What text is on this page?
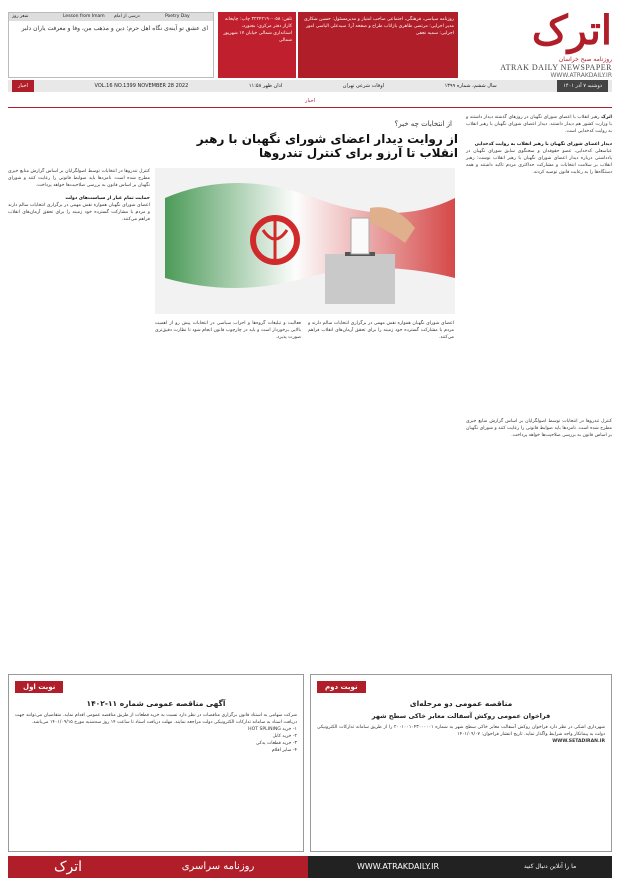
اترک
روزنامه صبح خراسان
ATRAK DAILY NEWSPAPER
WWW.ATRAKDAILY.IR
روزنامه سیاسی، فرهنگی، اجتماعی صاحب امتیاز و مدیرمسئول: حسین شکاری مدیر اجرایی: مرتضی طاهری بازاتاب طراح و صفحه آرا: سیدعلی الیاسی امور اجرایی: سمیه نجفی
تلفن: ۰۵۸-۳۲۲۴۲۱۹۰ چاپ: چاپخانه کاراز دفتر مرکزی: بجنورد، استانداری شمالی خیابان ۱۷ شهریور شمالی
شعر روز	Lesson from Imam	درسی از امام	Poetry Day
ای عشق تو آینه‌ی نگاه اهل حرم؛ دین و مذهب من، وفا و معرفت یاران دلبر
دوشنبه ۷ آذر ۱۴۰۱
سال ششم، شماره ۱۳۹۹
اوقات شرعی تهران
اذان ظهر ۱۱:۵۸
VOL.16 NO.1399 NOVEMBER 28 2022
اخبار
اخبار
از انتخابات چه خبر؟
از روایت دیدار اعضای شورای نگهبان با رهبر انقلاب تا آرزو برای کنترل تندروها
اترک رهبر انقلاب با اعضای شورای نگهبان در روزهای گذشته دیدار داشتند و با وزارت کشور هم دیدار داشتند. دیدار اعضای شورای نگهبان با رهبر انقلاب به روایت کدخدایی است.
دیدار اعضای شورای نگهبان با رهبر انقلاب به روایت کدخدایی
عباسعلی کدخدایی، عضو حقوقدان و سخنگوی سابق شورای نگهبان در یادداشتی درباره دیدار اعضای شورای نگهبان با رهبر انقلاب نوشت: رهبر انقلاب بر سلامت انتخابات و مشارکت حداکثری مردم تاکید داشتند و همه دستگاه‌ها را به رعایت قانون توصیه کردند.
کنترل تندروها در انتخابات توسط اصولگرایان بر اساس گزارش منابع خبری مطرح شده است. نامزدها باید ضوابط قانونی را رعایت کنند و شورای نگهبان بر اساس قانون به بررسی صلاحیت‌ها خواهد پرداخت.
حمایت تمام عیار از سیاست‌های دولت
اعضای شورای نگهبان همواره نقش مهمی در برگزاری انتخابات سالم دارند و مردم با مشارکت گسترده خود زمینه را برای تحقق آرمان‌های انقلاب فراهم می‌کنند.
فعالیت و تبلیغات گروه‌ها و احزاب سیاسی در انتخابات پیش رو از اهمیت بالایی برخوردار است و باید در چارچوب قانون انجام شود تا نظارت دقیق‌تری صورت پذیرد.
اعضای شورای نگهبان همواره نقش مهمی در برگزاری انتخابات سالم دارند و مردم با مشارکت گسترده خود زمینه را برای تحقق آرمان‌های انقلاب فراهم می‌کنند.
کنترل تندروها در انتخابات توسط اصولگرایان بر اساس گزارش منابع خبری مطرح شده است. نامزدها باید ضوابط قانونی را رعایت کنند و شورای نگهبان بر اساس قانون به بررسی صلاحیت‌ها خواهد پرداخت.
نوبت اول
آگهی مناقصه عمومی شماره ۱۱-۱۴۰۲
شرکت سهامی به استناد قانون برگزاری مناقصات در نظر دارد نسبت به خرید قطعات از طریق مناقصه عمومی اقدام نماید. متقاضیان می‌توانند جهت دریافت اسناد به سامانه تدارکات الکترونیکی دولت مراجعه نمایند. مهلت دریافت اسناد تا ساعت ۱۴ روز سه‌شنبه مورخ ۱۴۰۱/۰۹/۱۵ می‌باشد.
۱- خرید HOT SPLINING
۲- خرید کابل
۳- خرید قطعات یدکی
۴- سایر اقلام
نوبت دوم
مناقصه عمومی دو مرحله‌ای
فراخوان عمومی روکش آسفالت معابر خاکی سطح شهر
شهرداری اشکی در نظر دارد فراخوان روکش آسفالت معابر خاکی سطح شهر به شماره ۲۰۰۱۰۰۱۰۴۳۰۰۰۰۰۱ را از طریق سامانه تدارکات الکترونیکی دولت به پیمانکار واجد شرایط واگذار نماید. تاریخ انتشار فراخوان: ۱۴۰۱/۰۹/۰۷
WWW.SETADIRAN.IR
اترک	روزنامه سراسری	WWW.ATRAKDAILY.IR	ما را آنلاین دنبال کنید
